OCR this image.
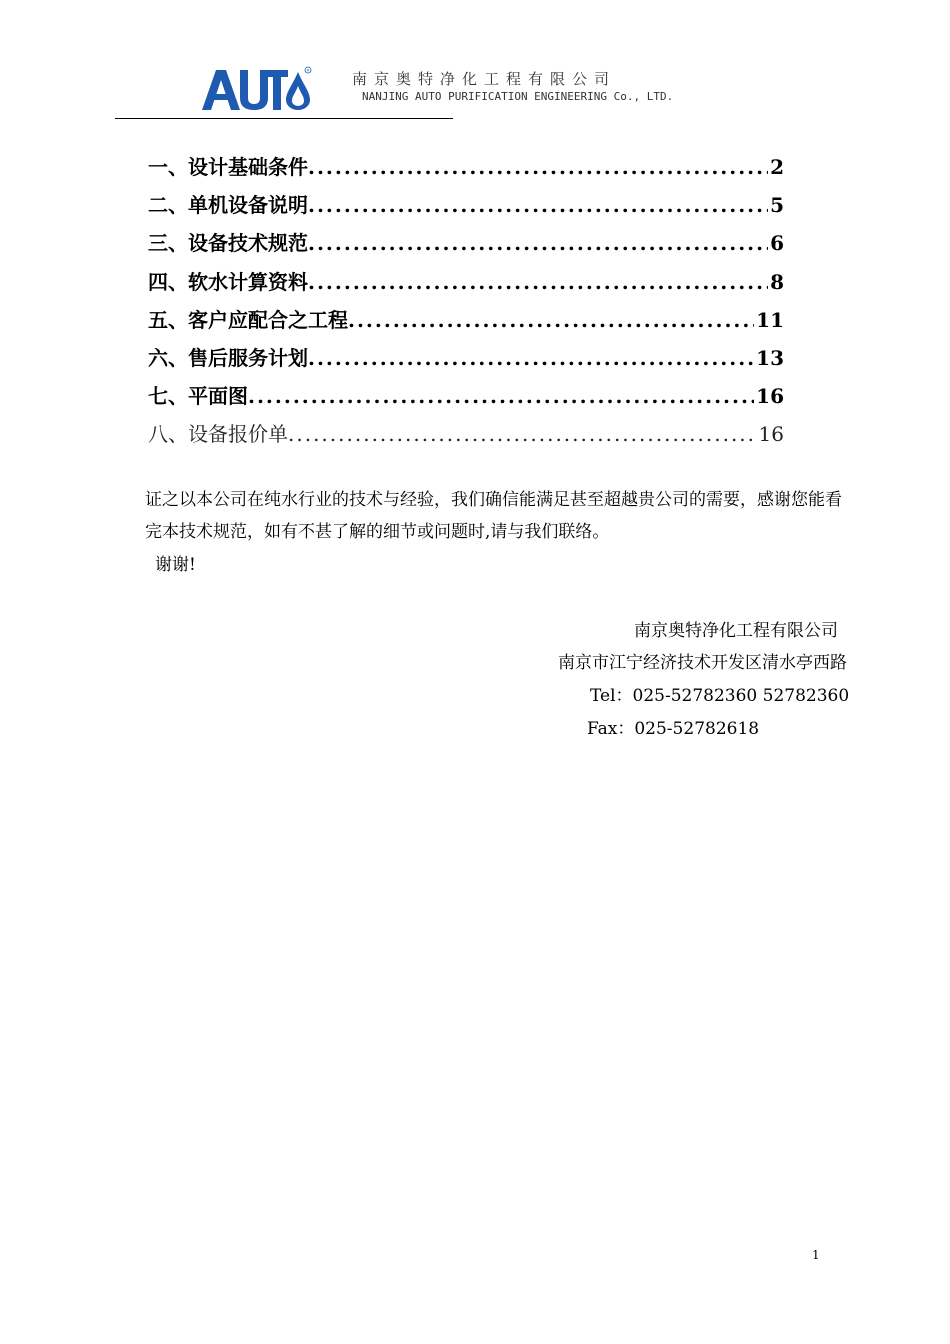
R	南京奥特净化工程有限公司
NANJING AUTO PURIFICATION ENGINEERING Co., LTD.
一、设计基础条件 .....	2
二、单机设备说明 .....	5
三、设备技术规范 .....	6
四、软水计算资料 .....	8
五、客户应配合之工程 .....	11
六、售后服务计划 .....	13
七、平面图 .....	16
八、设备报价单 .....	16

证之以本公司在纯水行业的技术与经验，我们确信能满足甚至超越贵公司的需要，感谢您能看完本技术规范，如有不甚了解的细节或问题时,请与我们联络。

谢谢!

南京奥特净化工程有限公司
南京市江宁经济技术开发区清水亭西路
Tel：025-52782360 52782360
Fax：025-52782618
1
